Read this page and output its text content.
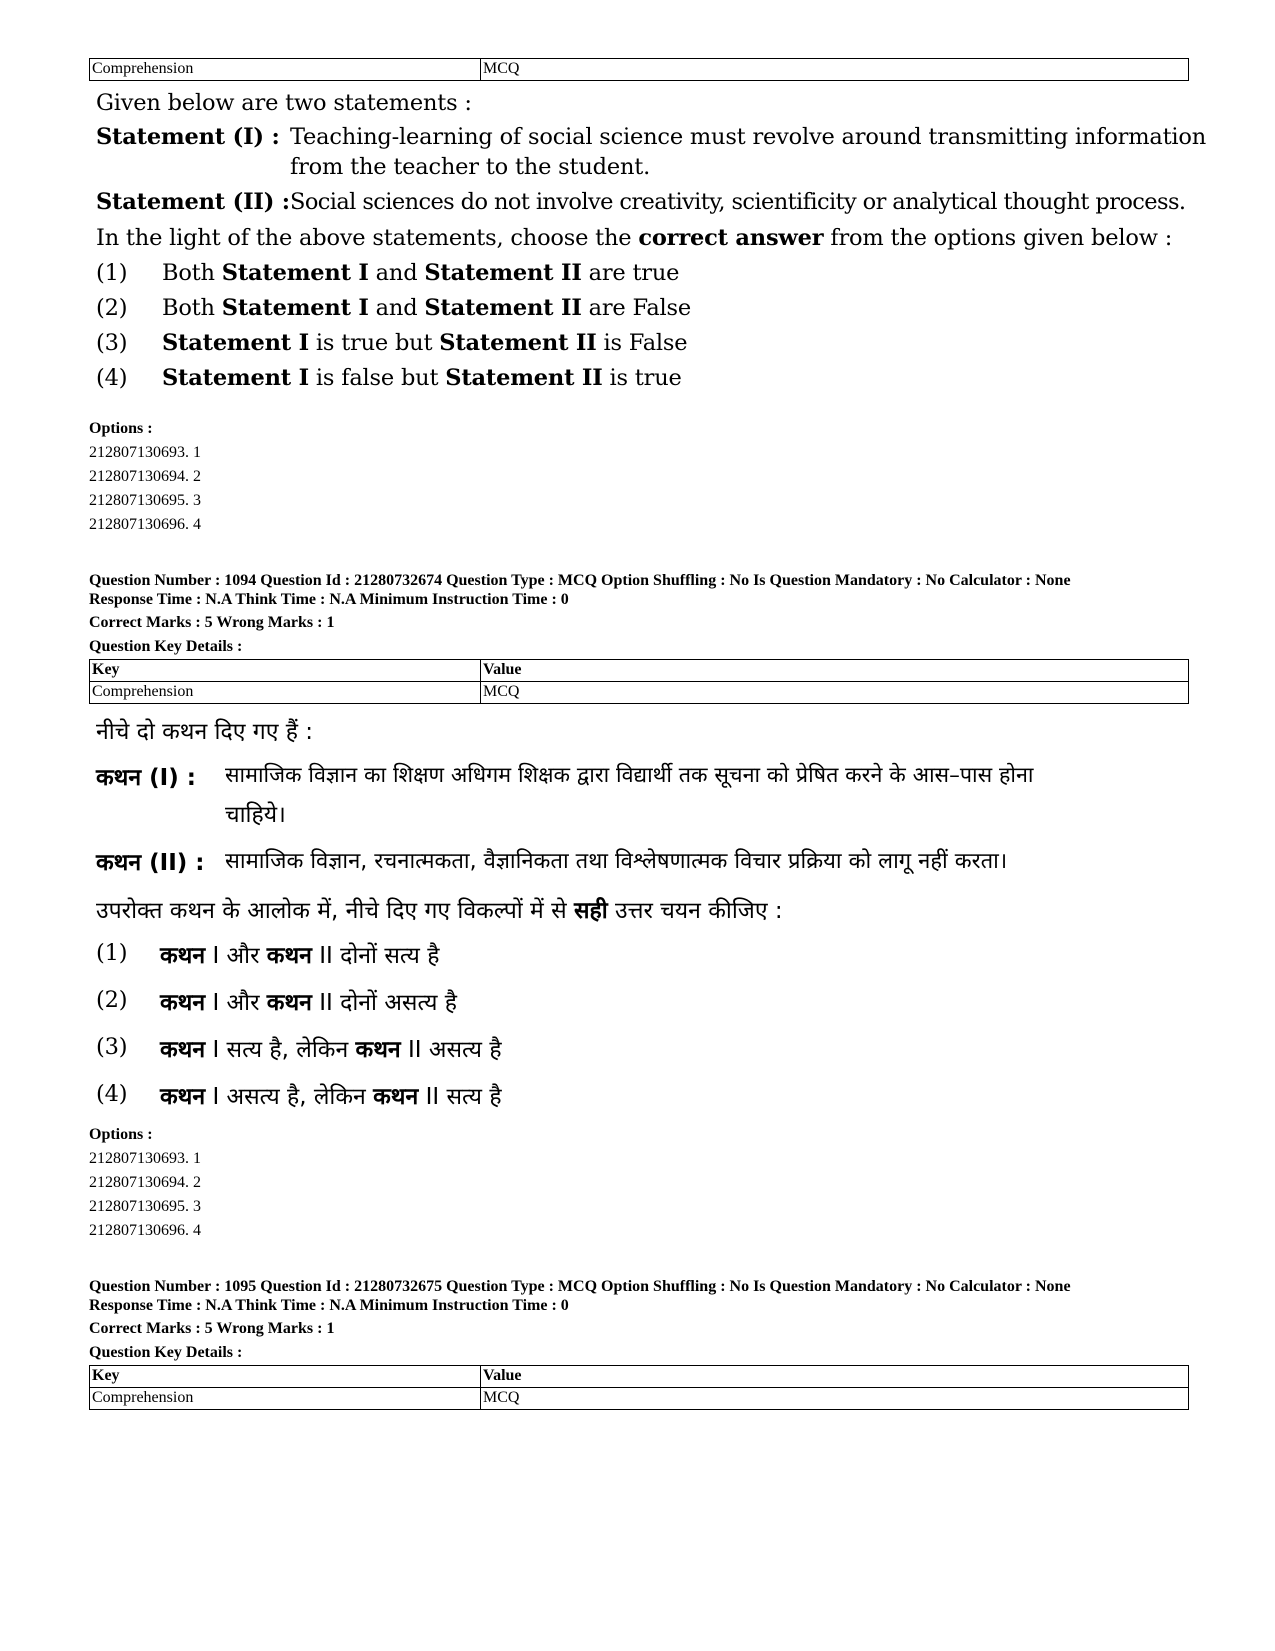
Comprehension	MCQ
Given below are two statements :
Statement (I) : Teaching-learning of social science must revolve around transmitting information
from the teacher to the student.
Statement (II) : Social sciences do not involve creativity, scientificity or analytical thought process.
In the light of the above statements, choose the correct answer from the options given below :
(1) Both Statement I and Statement II are true
(2) Both Statement I and Statement II are False
(3) Statement I is true but Statement II is False
(4) Statement I is false but Statement II is true
Options :
212807130693. 1
212807130694. 2
212807130695. 3
212807130696. 4
Question Number : 1094 Question Id : 21280732674 Question Type : MCQ Option Shuffling : No Is Question Mandatory : No Calculator : None
Response Time : N.A Think Time : N.A Minimum Instruction Time : 0
Correct Marks : 5 Wrong Marks : 1
Question Key Details :
Key	Value
Comprehension	MCQ
नीचे दो कथन दिए गए हैं :
कथन (I) : सामाजिक विज्ञान का शिक्षण अधिगम शिक्षक द्वारा विद्यार्थी तक सूचना को प्रेषित करने के आस–पास होना
चाहिये।
कथन (II) : सामाजिक विज्ञान, रचनात्मकता, वैज्ञानिकता तथा विश्लेषणात्मक विचार प्रक्रिया को लागू नहीं करता।
उपरोक्त कथन के आलोक में, नीचे दिए गए विकल्पों में से सही उत्तर चयन कीजिए :
(1) कथन I और कथन II दोनों सत्य है
(2) कथन I और कथन II दोनों असत्य है
(3) कथन I सत्य है, लेकिन कथन II असत्य है
(4) कथन I असत्य है, लेकिन कथन II सत्य है
Options :
212807130693. 1
212807130694. 2
212807130695. 3
212807130696. 4
Question Number : 1095 Question Id : 21280732675 Question Type : MCQ Option Shuffling : No Is Question Mandatory : No Calculator : None
Response Time : N.A Think Time : N.A Minimum Instruction Time : 0
Correct Marks : 5 Wrong Marks : 1
Question Key Details :
Key	Value
Comprehension	MCQ
